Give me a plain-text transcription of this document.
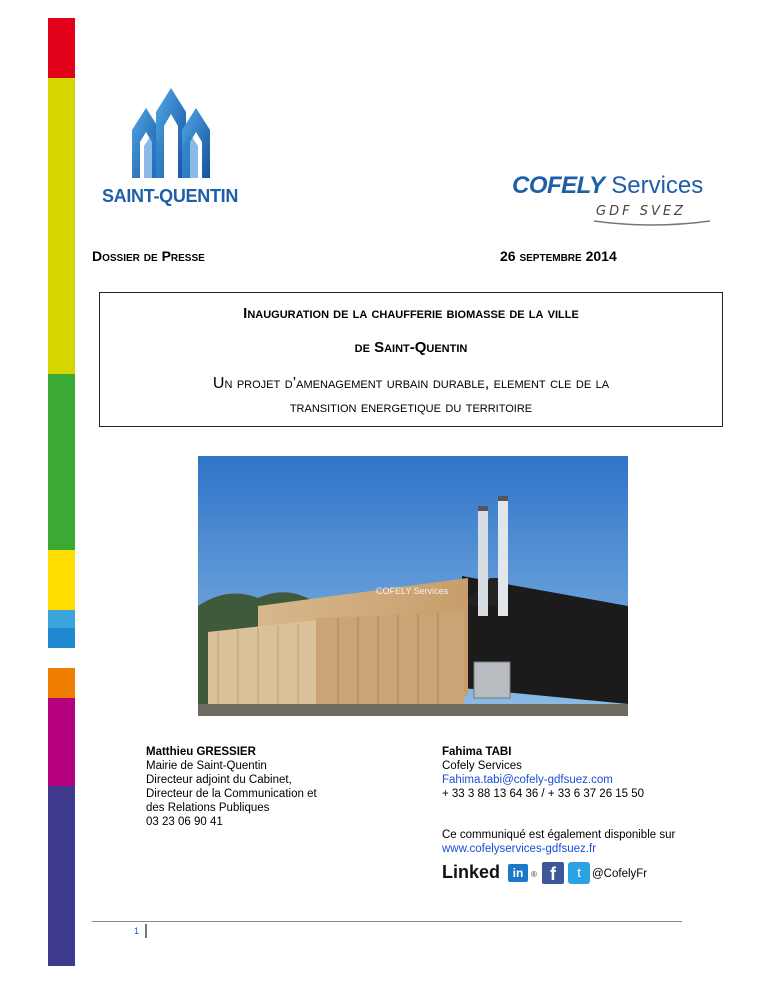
SAINT-QUENTIN	COFELY Services
GDF SVEZ
Dossier de Presse	26 septembre 2014
Inauguration de la chaufferie biomasse de la ville
de Saint-Quentin
Un projet d’amenagement urbain durable, element cle de la
transition energetique du territoire
COFELY Services
Matthieu GRESSIER
Mairie de Saint-Quentin
Directeur adjoint du Cabinet,
Directeur de la Communication et
des Relations Publiques
03 23 06 90 41
Fahima TABI
Cofely Services
Fahima.tabi@cofely-gdfsuez.com
+ 33 3 88 13 64 36 / + 33 6 37 26 15 50
Ce communiqué est également disponible sur
www.cofelyservices-gdfsuez.fr
Linked	in ® f	t @CofelyFr
1
